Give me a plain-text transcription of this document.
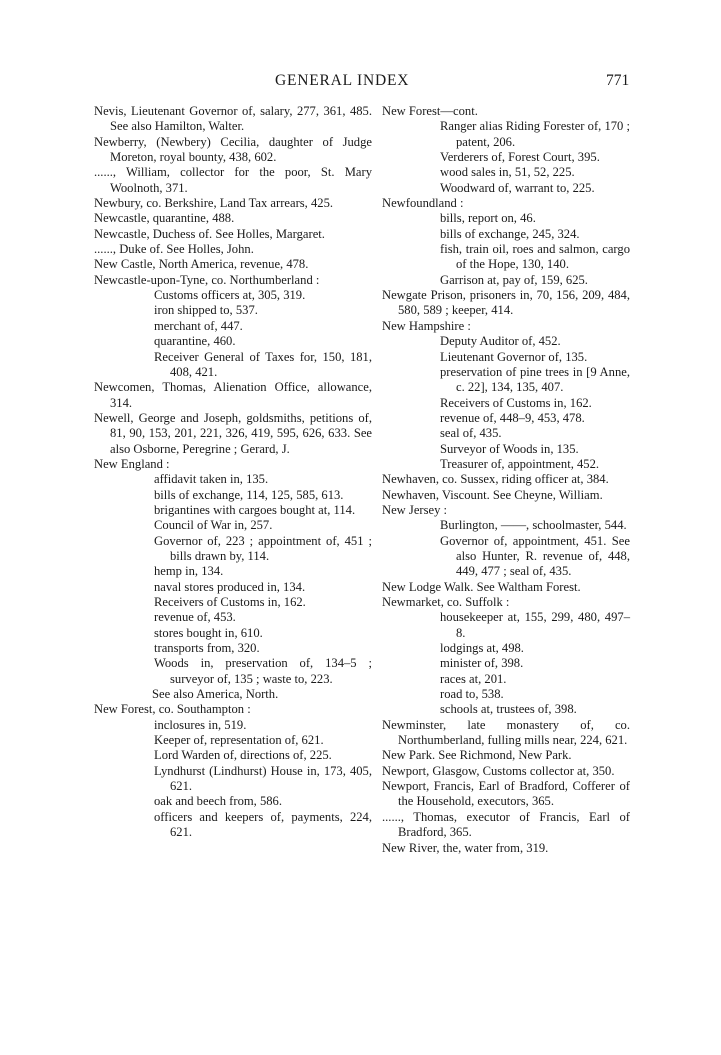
GENERAL INDEX	771

Nevis, Lieutenant Governor of, salary, 277, 361, 485. See also Hamilton, Walter.

Newberry, (Newbery) Cecilia, daughter of Judge Moreton, royal bounty, 438, 602.

......, William, collector for the poor, St. Mary Woolnoth, 371.

Newbury, co. Berkshire, Land Tax arrears, 425.

Newcastle, quarantine, 488.

Newcastle, Duchess of. See Holles, Margaret.

......, Duke of. See Holles, John.

New Castle, North America, revenue, 478.

Newcastle-upon-Tyne, co. Northumberland :

Customs officers at, 305, 319.

iron shipped to, 537.

merchant of, 447.

quarantine, 460.

Receiver General of Taxes for, 150, 181, 408, 421.

Newcomen, Thomas, Alienation Office, allowance, 314.

Newell, George and Joseph, goldsmiths, petitions of, 81, 90, 153, 201, 221, 326, 419, 595, 626, 633. See also Osborne, Peregrine ; Gerard, J.

New England :

affidavit taken in, 135.

bills of exchange, 114, 125, 585, 613.

brigantines with cargoes bought at, 114.

Council of War in, 257.

Governor of, 223 ; appointment of, 451 ; bills drawn by, 114.

hemp in, 134.

naval stores produced in, 134.

Receivers of Customs in, 162.

revenue of, 453.

stores bought in, 610.

transports from, 320.

Woods in, preservation of, 134–5 ; surveyor of, 135 ; waste to, 223.

See also America, North.

New Forest, co. Southampton :

inclosures in, 519.

Keeper of, representation of, 621.

Lord Warden of, directions of, 225.

Lyndhurst (Lindhurst) House in, 173, 405, 621.

oak and beech from, 586.

officers and keepers of, payments, 224, 621.

New Forest—cont.

Ranger alias Riding Forester of, 170 ; patent, 206.

Verderers of, Forest Court, 395.

wood sales in, 51, 52, 225.

Woodward of, warrant to, 225.

Newfoundland :

bills, report on, 46.

bills of exchange, 245, 324.

fish, train oil, roes and salmon, cargo of the Hope, 130, 140.

Garrison at, pay of, 159, 625.

Newgate Prison, prisoners in, 70, 156, 209, 484, 580, 589 ; keeper, 414.

New Hampshire :

Deputy Auditor of, 452.

Lieutenant Governor of, 135.

preservation of pine trees in [9 Anne, c. 22], 134, 135, 407.

Receivers of Customs in, 162.

revenue of, 448–9, 453, 478.

seal of, 435.

Surveyor of Woods in, 135.

Treasurer of, appointment, 452.

Newhaven, co. Sussex, riding officer at, 384.

Newhaven, Viscount. See Cheyne, William.

New Jersey :

Burlington, ——, schoolmaster, 544.

Governor of, appointment, 451. See also Hunter, R. revenue of, 448, 449, 477 ; seal of, 435.

New Lodge Walk. See Waltham Forest.

Newmarket, co. Suffolk :

housekeeper at, 155, 299, 480, 497–8.

lodgings at, 498.

minister of, 398.

races at, 201.

road to, 538.

schools at, trustees of, 398.

Newminster, late monastery of, co. Northumberland, fulling mills near, 224, 621.

New Park. See Richmond, New Park.

Newport, Glasgow, Customs collector at, 350.

Newport, Francis, Earl of Bradford, Cofferer of the Household, executors, 365.

......, Thomas, executor of Francis, Earl of Bradford, 365.

New River, the, water from, 319.
